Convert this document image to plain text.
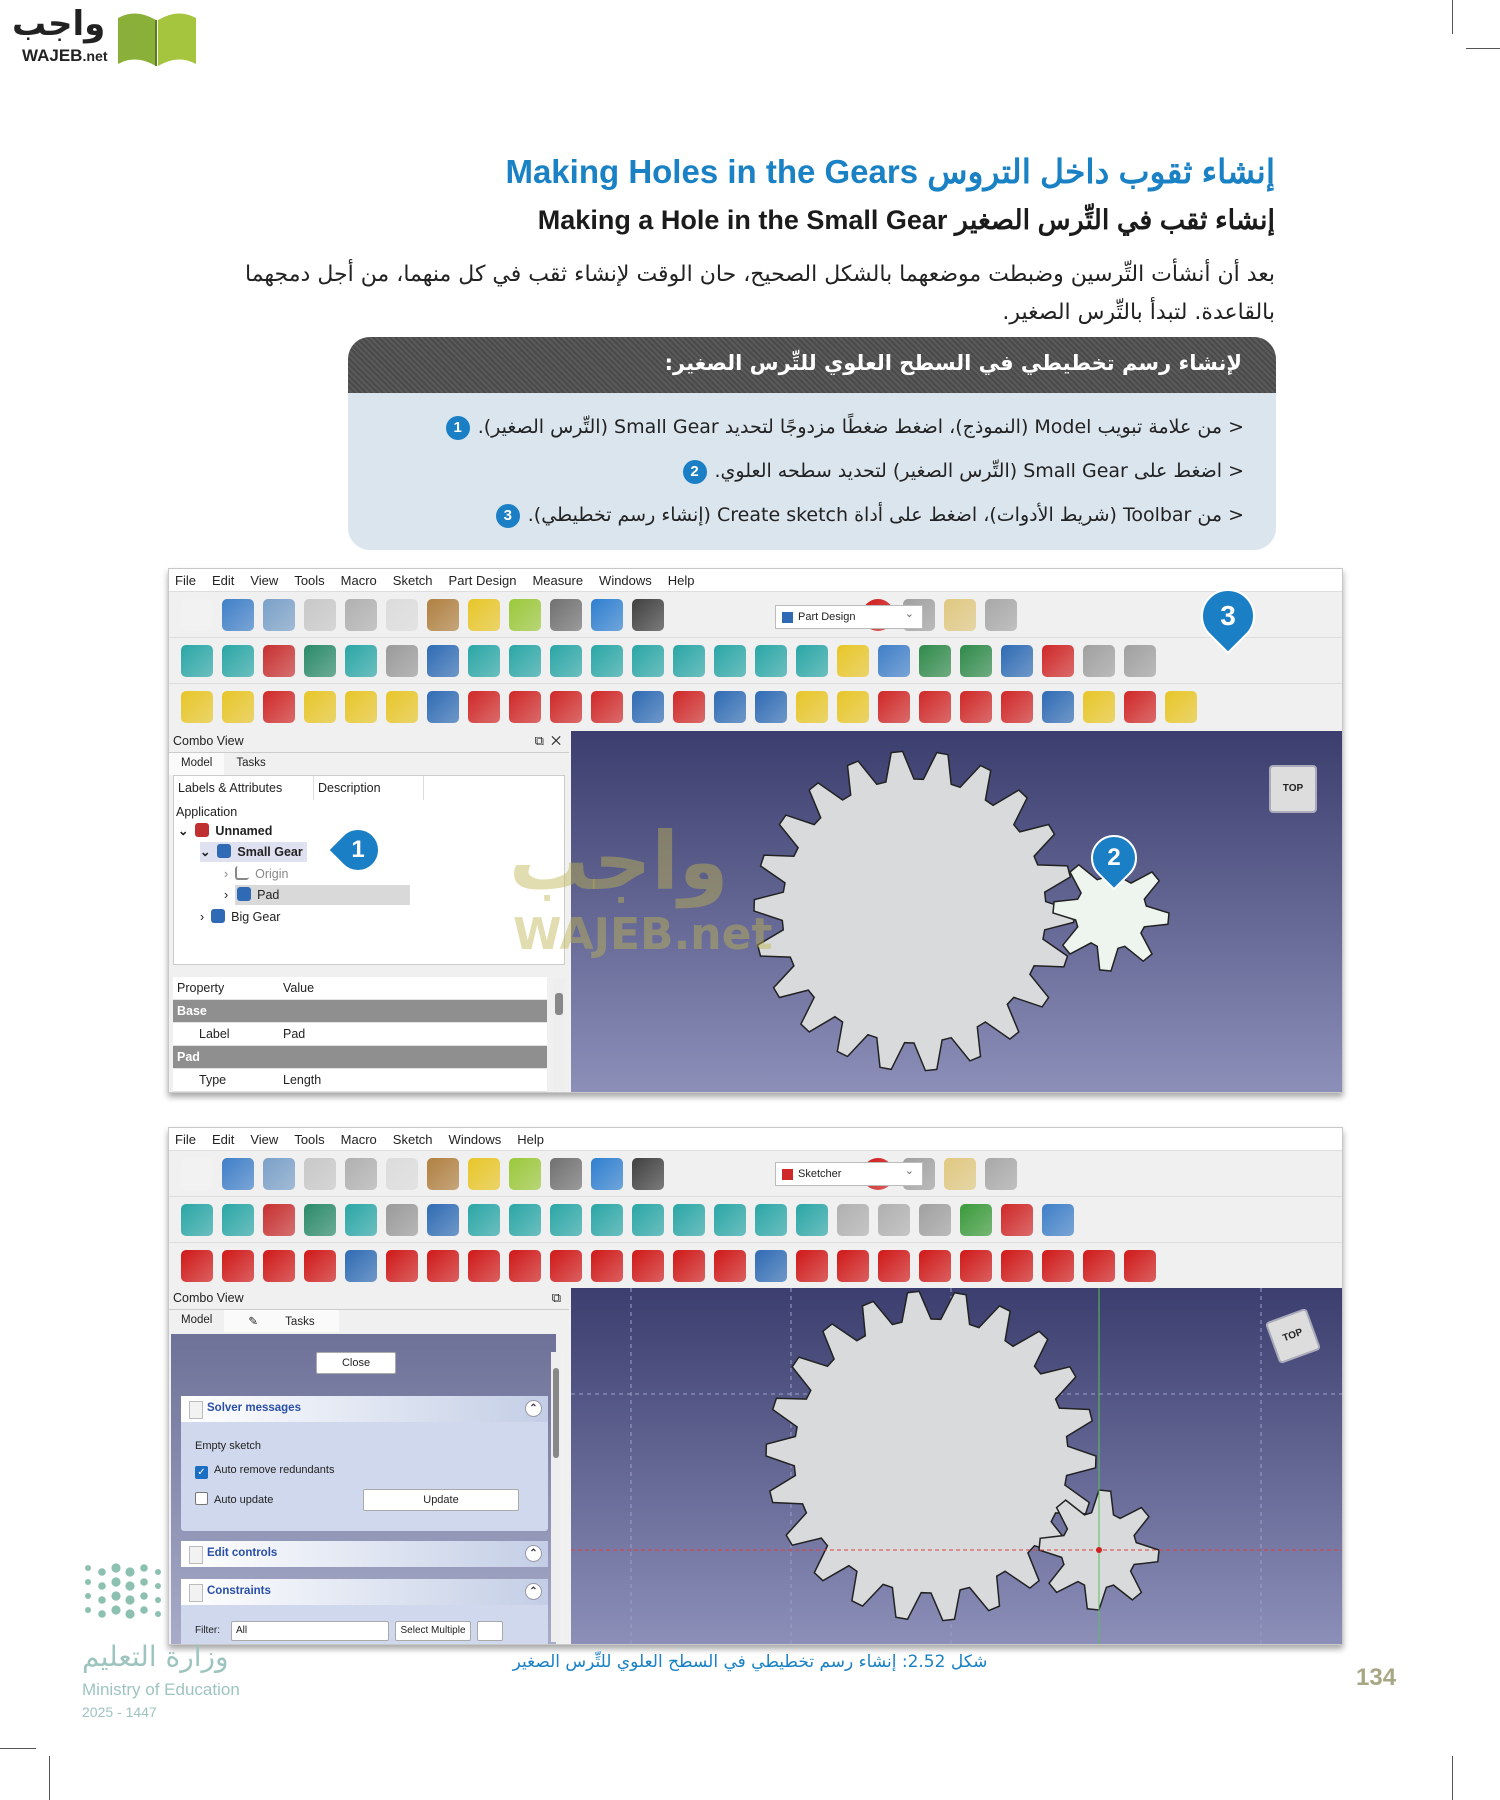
واجب
WAJEB.net
إنشاء ثقوب داخل التروس Making Holes in the Gears
إنشاء ثقب في التِّرس الصغير Making a Hole in the Small Gear
بعد أن أنشأت التِّرسين وضبطت موضعهما بالشكل الصحيح، حان الوقت لإنشاء ثقب في كل منهما، من أجل دمجهما بالقاعدة. لتبدأ بالتِّرس الصغير.
لإنشاء رسم تخطيطي في السطح العلوي للتِّرس الصغير:
< من علامة تبويب Model (النموذج)، اضغط ضغطًا مزدوجًا لتحديد Small Gear (التِّرس الصغير).1
< اضغط على Small Gear (التِّرس الصغير) لتحديد سطحه العلوي.2
< من Toolbar (شريط الأدوات)، اضغط على أداة Create sketch (إنشاء رسم تخطيطي).3
File Edit View Tools Macro Sketch Part Design Measure Windows Help
Part Design ⌄	3
Combo View	⧉ ✕
Model	Tasks
Labels & Attributes	Description
Application
⌄  Unnamed
⌄  Small Gear
›  Origin
›  Pad
›  Big Gear
1
Property	Value
Base
Label	Pad
Pad
Type	Length
واجب
WAJEB.net
2
TOP
File Edit View Tools Macro Sketch Windows Help
Sketcher ⌄
Combo View	⧉
Model	✎ Tasks
Close
Solver messages	⌃
Empty sketch
✓ Auto remove redundants
Auto update	Update
Edit controls	⌃
Constraints	⌃
Filter:	All	Select Multiple
TOP
شكل 2.52: إنشاء رسم تخطيطي في السطح العلوي للتِّرس الصغير
134
وزارة التعليم
Ministry of Education
2025 - 1447
